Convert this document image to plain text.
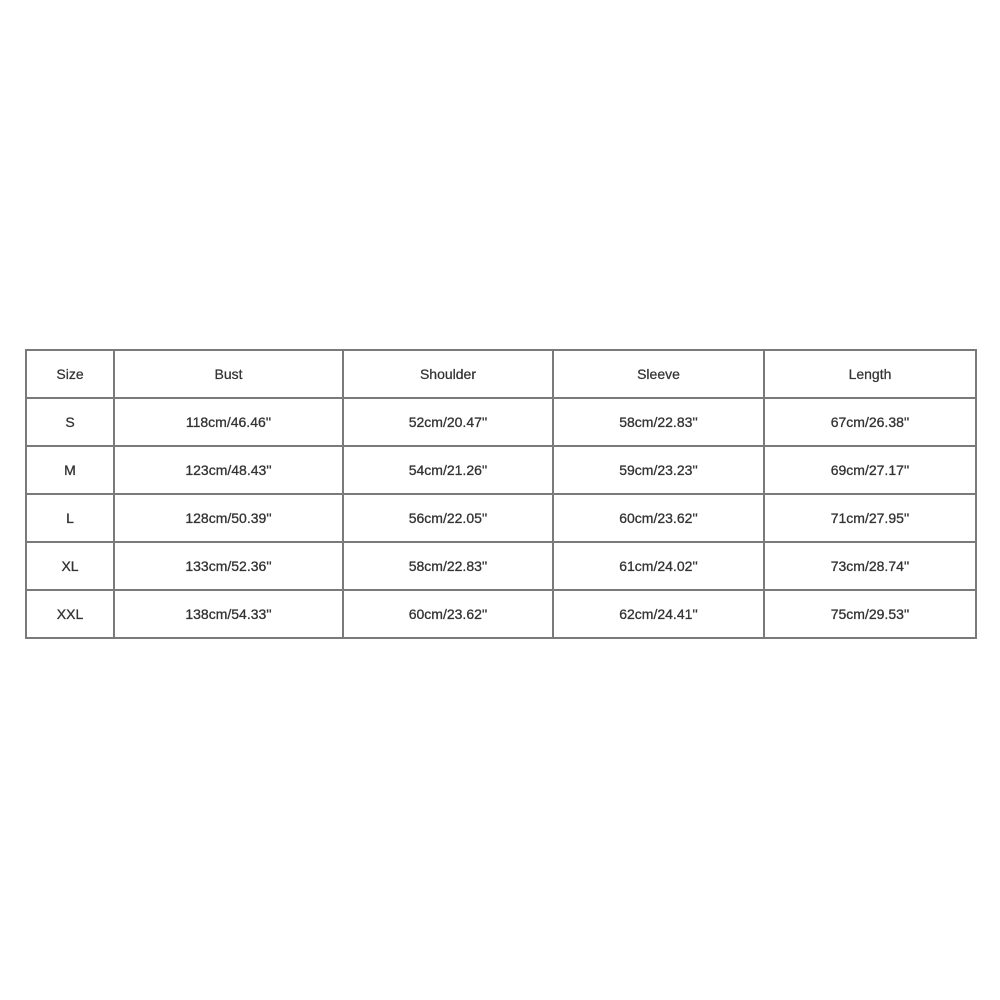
Size	Bust	Shoulder	Sleeve	Length
S	118cm/46.46''	52cm/20.47''	58cm/22.83''	67cm/26.38''
M	123cm/48.43''	54cm/21.26''	59cm/23.23''	69cm/27.17''
L	128cm/50.39''	56cm/22.05''	60cm/23.62''	71cm/27.95''
XL	133cm/52.36''	58cm/22.83''	61cm/24.02''	73cm/28.74''
XXL	138cm/54.33''	60cm/23.62''	62cm/24.41''	75cm/29.53''
